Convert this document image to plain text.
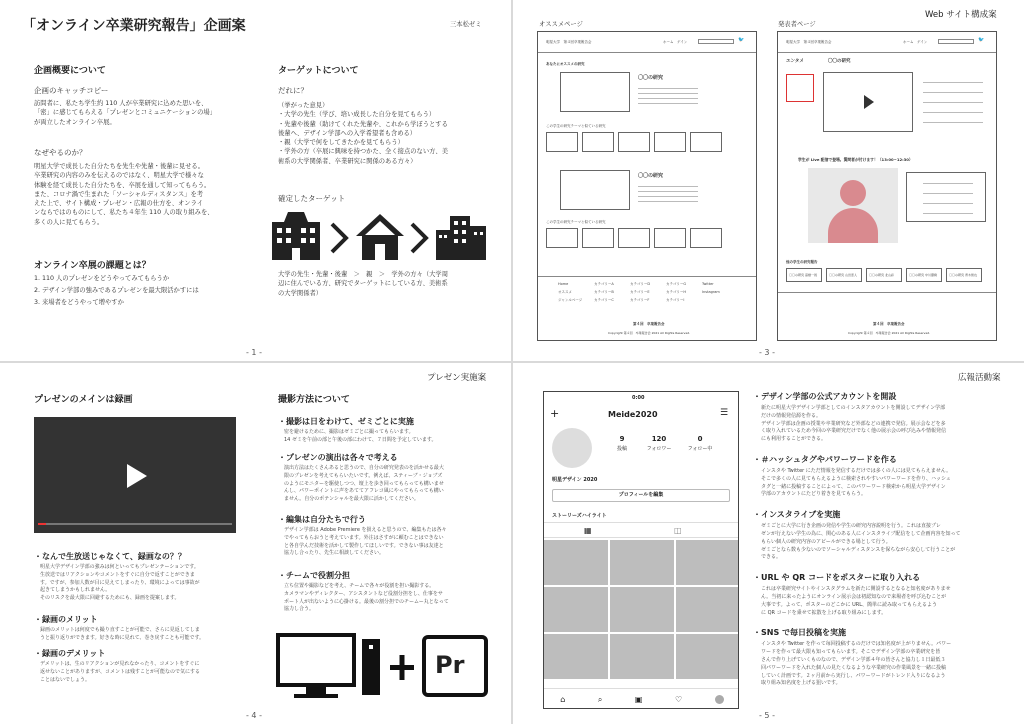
「オンライン卒業研究報告」企画案	三本松ゼミ
企画概要について
企画のキャッチコピー
訪問者に、私たち学生約 110 人が卒業研究に込めた思いを、
「密」に感じてもらえる「プレゼンとコミュニケーションの場」
が両立したオンライン卒展。
なぜやるのか？
明星大学で成長した自分たちを先生や先輩・後輩に見せる。
卒業研究の内容のみを伝えるのではなく、明星大学で様々な
体験を経て成長した自分たちを、卒展を通して知ってもらう。
また、コロナ渦で生まれた「ソーシャルディスタンス」を考
えた上で、サイト構成・プレゼン・広報の仕方を、オンライ
ンならではのものにして、私たち４年生 110 人の取り組みを、
多くの人に見てもらう。
オンライン卒展の課題とは？
1. 110 人のプレゼンをどうやってみてもらうか
2. デザイン学部の強みであるプレゼンを最大限活かすには
3. 来場者をどうやって増やすか
ターゲットについて
だれに？
（挙がった意見）
・大学の先生（学び、培い成長した自分を見てもらう）
・先輩や後輩（助けてくれた先輩や、これから学ぼうとする
後輩へ、デザイン学部への入学希望者も含める）
・親（大学で何をしてきたかを見てもらう）
・学外の方（卒展に興味を持つかた、全く接点のない方、美
術系の大学関係者、卒業研究に関係のある方々）
確定したターゲット
大学の先生・先輩・後輩　＞　親　＞　学外の方々（大学周
辺に住んでいる方、研究でターゲットにしている方、美術系
の大学関係者）
- 1 -
Web サイト構成案
オススメページ	発表者ページ
明星大学　第４回卒業報告会	ホーム　ゲイン　	🐦
あなたにオススメの研究
〇〇の研究
この学生の研究テーマと似ている研究
〇〇の研究
この学生の研究テーマと似ている研究
Home	カテゴリーA	カテゴリーD	カテゴリーG	Twitter
オススメ	カテゴリーB	カテゴリーE	カテゴリーH	Instagram
ジャンルページ	カテゴリーC	カテゴリーF	カテゴリーI
第４回　卒業報告会
Copyright 第４回　卒業報告会 2021 All Rights Reserved.
明星大学　第４回卒業報告会	ホーム　ゲイン　	🐦
エンタメ	〇〇の研究
学生が Live 配信で登場。質問者が付けます！（13:00~12:30）
他の学生の研究報告
〇〇の研究 高橋一員	〇〇の研究 山田恵人	〇〇の研究 北山彩	〇〇の研究 中川優樹	〇〇の研究 青木智也
第４回　卒業報告会
Copyright 第４回　卒業報告会 2021 All Rights Reserved.
- 3 -
プレゼン実施案
プレゼンのメインは録画
・なんで生放送じゃなくて、録画なの？？
明星大学デザイン学部の強みは何といってもプレゼンテーションです。
生放送ではリアクションやコメントをすぐに自分で返すことができま
す。ですが、参加人数が目に見えてしまったり、環境によっては事故が
起きてしまうかもしれません。
そのリスクを最大限に回避するためにも、録画を提案します。
・録画のメリット
録画のメリットは何度でも撮り直すことが可能で、さらに見返してしま
うと振り返りができます。好きな時に見れて、巻き戻すことも可能です。
・録画のデメリット
デメリットは、生のリアクションが見れなかったり、コメントをすぐに
返せないことがありますが、コメントは残すことが可能なので気にする
ことはないでしょう。
撮影方法について
・撮影は日をわけて、ゼミごとに実施
密を避けるために、撮影はゼミごとに撮ってもらいます。
14 ゼミを午前の部と午後の部にわけて、７日間を予定しています。
・プレゼンの演出は各々で考える
演出方法はたくさんあると思うので、自分の研究発表のを活かせる最大
限のプレゼンを考えてもらいたいです。例えば、スティーブ・ジョブズ
のようにモニターを駆使しつつ、壇上を歩き回ってもらっても構いませ
んし、パワーポイントに声をあててアフレコ風にやってもらっても構い
ません。自分のポテンシャルを最大限に活かしてください。
・編集は自分たちで行う
デザイン学部は Adobe Premiere を扱えると思うので、編集もたは各々
でやってもらおうと考えています。外注はさすがに頼むことはできない
と各自学んだ技術を活かして製作してほしいです。できない事は友達と
協力し合ったり、先生に相談してください。
・チームで役割分担
立ち位置や撮影などを考え、チームで各々が役割を担い撮影する。
カメラマンやディレクター、アシスタントなど役割分担をし、仕事をサ
ポート人が出ないように心掛ける。最後の割分担でのチームー丸となって
協力し合う。
Pr
- 4 -
広報活動案
0:00
+	Meide2020	☰
9
投稿
120
フォロワー
0
フォロー中
明星デザイン 2020
プロフィールを編集
ストーリーズハイライト
▦	◫
⌂	⌕	▣	♡
・デザイン学部の公式アカウントを開設
新たに明星大学デザイン学部としてのインスタアカウントを開設してデザイン学部
だけの情報発信源を作る。
デザイン学部は企画の授業や卒業研究など外部などの連携で発信。展示会などを多
く取り入れているため今回の卒業研究だけでなく他の展示会の呼び込みや情報発信
にも利用することができる。
・＃ハッシュタグやパワーワードを作る
インスタや Twitter にただ情報を発信するだけでは多くの人には見てもらえません。
そこで多くの人に見てもらえるように検索されやすいパワーワードを作り、ハッシュ
タグと一緒に投稿することによって、このパワーワード検索から明星大学デザイン
学部のアカウントにたどり着きを見てもらう。
・インスタライブを実施
ゼミごとに大学に行き企画の発信や学生の研究内容説明を行う。これは直接プレ
ゼンが行えない学生の為に、関心のある人にインスタライブ配信をして企画内容を知って
もらい個人の研究内容のアピールができる場として行う。
ゼミごとなら数も少ないのでソーシャルディスタンスを保ちながら安心して行うことが
できる。
・URL や QR コードをポスターに取り入れる
これは卒業研究サイトやインスタグラムを新たに開設するとなると知名度がありませ
ん。当初に来ったようにオンライン展示会は初認知なので来場者を呼び込むことが
大事です。よって、ポスターのどこかに URL、簡単に読み取ってもらえるよう
に QR コードを乗せて拡散を上げる取り組みにします。
・SNS で毎日投稿を実施
インスタや Twitter を作って毎回投稿するのだけでは知名度が上がりません。パワー
ワードを作って最大限も知ってもらいます。そこでデザイン学部の卒業研究を皆
さんで作り上げていくものなので、デザイン学部４年の皆さんと協力し１日最低３
回パワーワードを入れた個人の見たくなるような卒業研究の作業風景を一緒に投稿
していく計画です。２ヶ月前から実行し、パワーワードがトレンド入りになるよう
取り組み知名度を上げる狙いです。
- 5 -
